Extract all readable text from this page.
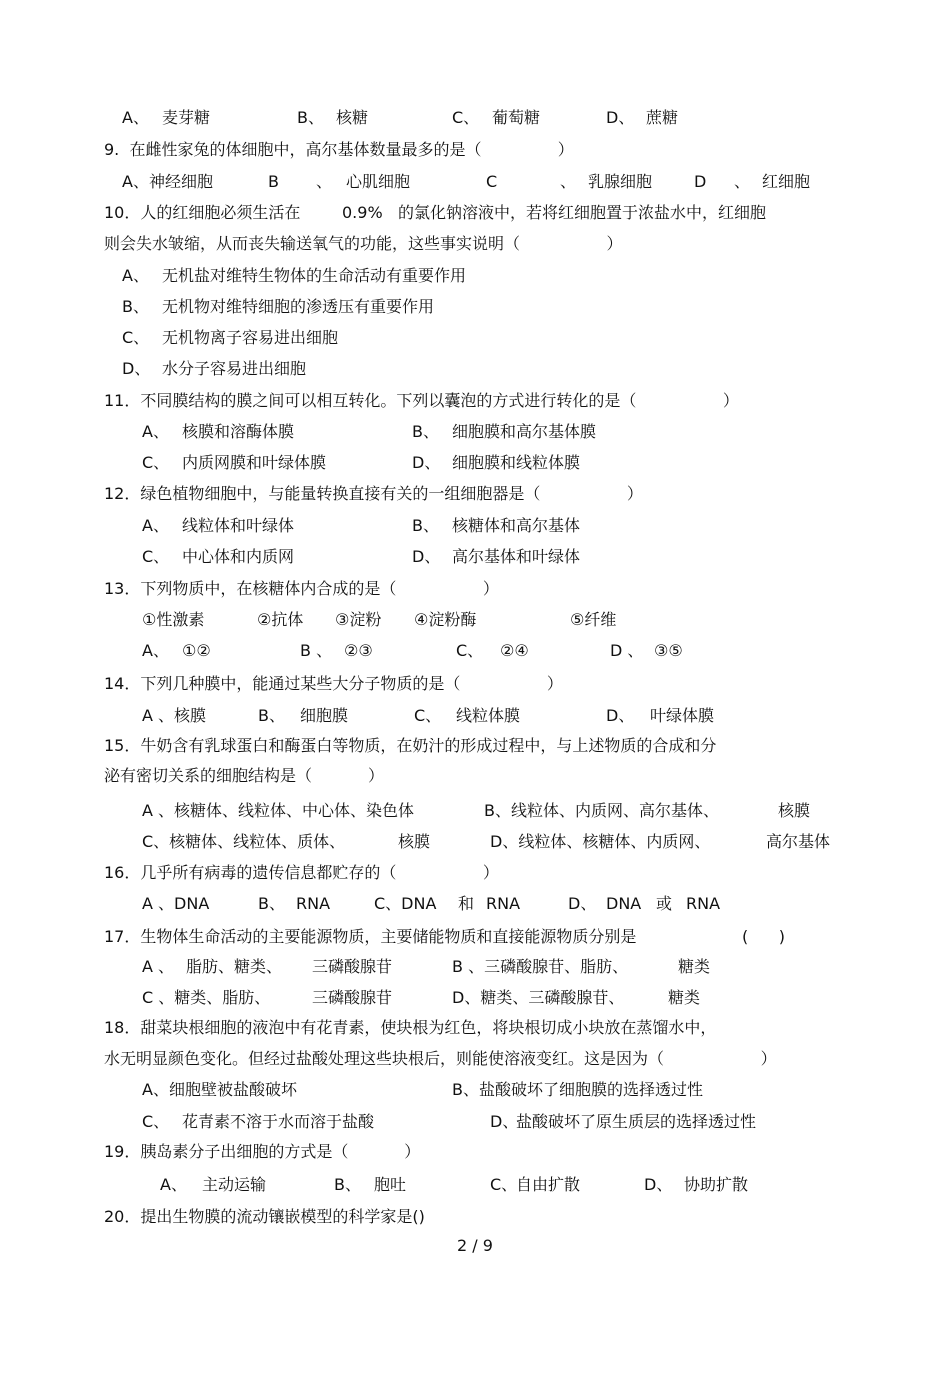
A、

麦芽糖

	B、

核糖

	C、

葡萄糖

	D、

蔗糖

9.  在雌性家兔的体细胞中，高尔基体数量最多的是（               ）

A、神经细胞

	B

、

心肌细胞

	C

	、

乳腺细胞

	D

、

红细胞

10．人的红细胞必须生活在

	0.9%

的氯化钠溶液中，若将红细胞置于浓盐水中，红细胞

则会失水皱缩，从而丧失输送氧气的功能，这些事实说明（                 ）

A、

无机盐对维特生物体的生命活动有重要作用

B、

无机物对维特细胞的渗透压有重要作用

C、

无机物离子容易进出细胞

D、

水分子容易进出细胞

11．不同膜结构的膜之间可以相互转化。下列以囊泡的方式进行转化的是（                 ）

A、

核膜和溶酶体膜

	B、

细胞膜和高尔基体膜

C、

内质网膜和叶绿体膜

	D、

细胞膜和线粒体膜

12．绿色植物细胞中，与能量转换直接有关的一组细胞器是（                 ）

A、

线粒体和叶绿体

	B、

核糖体和高尔基体

C、

中心体和内质网

	D、

高尔基体和叶绿体

13．下列物质中，在核糖体内合成的是（                 ）

①性激素

	②抗体

③淀粉

④淀粉酶

	⑤纤维

A、

①②

	B 、

②③

	C、

②④

	D 、

③⑤

14．下列几种膜中，能通过某些大分子物质的是（                 ）

A 、核膜

	B、

细胞膜

	C、

线粒体膜

	D、

叶绿体膜

15．牛奶含有乳球蛋白和酶蛋白等物质，在奶汁的形成过程中，与上述物质的合成和分
泌有密切关系的细胞结构是（           ）

A 、核糖体、线粒体、中心体、染色体

	B、线粒体、内质网、高尔基体、

	核膜

C、核糖体、线粒体、质体、

	核膜

	D、线粒体、核糖体、内质网、

	高尔基体

16．几乎所有病毒的遗传信息都贮存的（                 ）

A 、DNA

	B、

RNA

	C、DNA

和

RNA

	D、

DNA

或

RNA

17．生物体生命活动的主要能源物质，主要储能物质和直接能源物质分别是

	(      )

A 、

脂肪、糖类、

三磷酸腺苷

	B 、三磷酸腺苷、脂肪、

	糖类

C 、糖类、脂肪、

	三磷酸腺苷

	D、糖类、三磷酸腺苷、

	糖类

18．甜菜块根细胞的液泡中有花青素，使块根为红色，将块根切成小块放在蒸馏水中，
水无明显颜色变化。但经过盐酸处理这些块根后，则能使溶液变红。这是因为（                   ）

A、细胞壁被盐酸破坏

	B、盐酸破坏了细胞膜的选择透过性

C、

花青素不溶于水而溶于盐酸

	D、

盐酸破坏了原生质层的选择透过性

19．胰岛素分子出细胞的方式是（           ）

A、

主动运输

	B、

胞吐

	C、

自由扩散

	D、

协助扩散

20．提出生物膜的流动镶嵌模型的科学家是()
2 / 9
